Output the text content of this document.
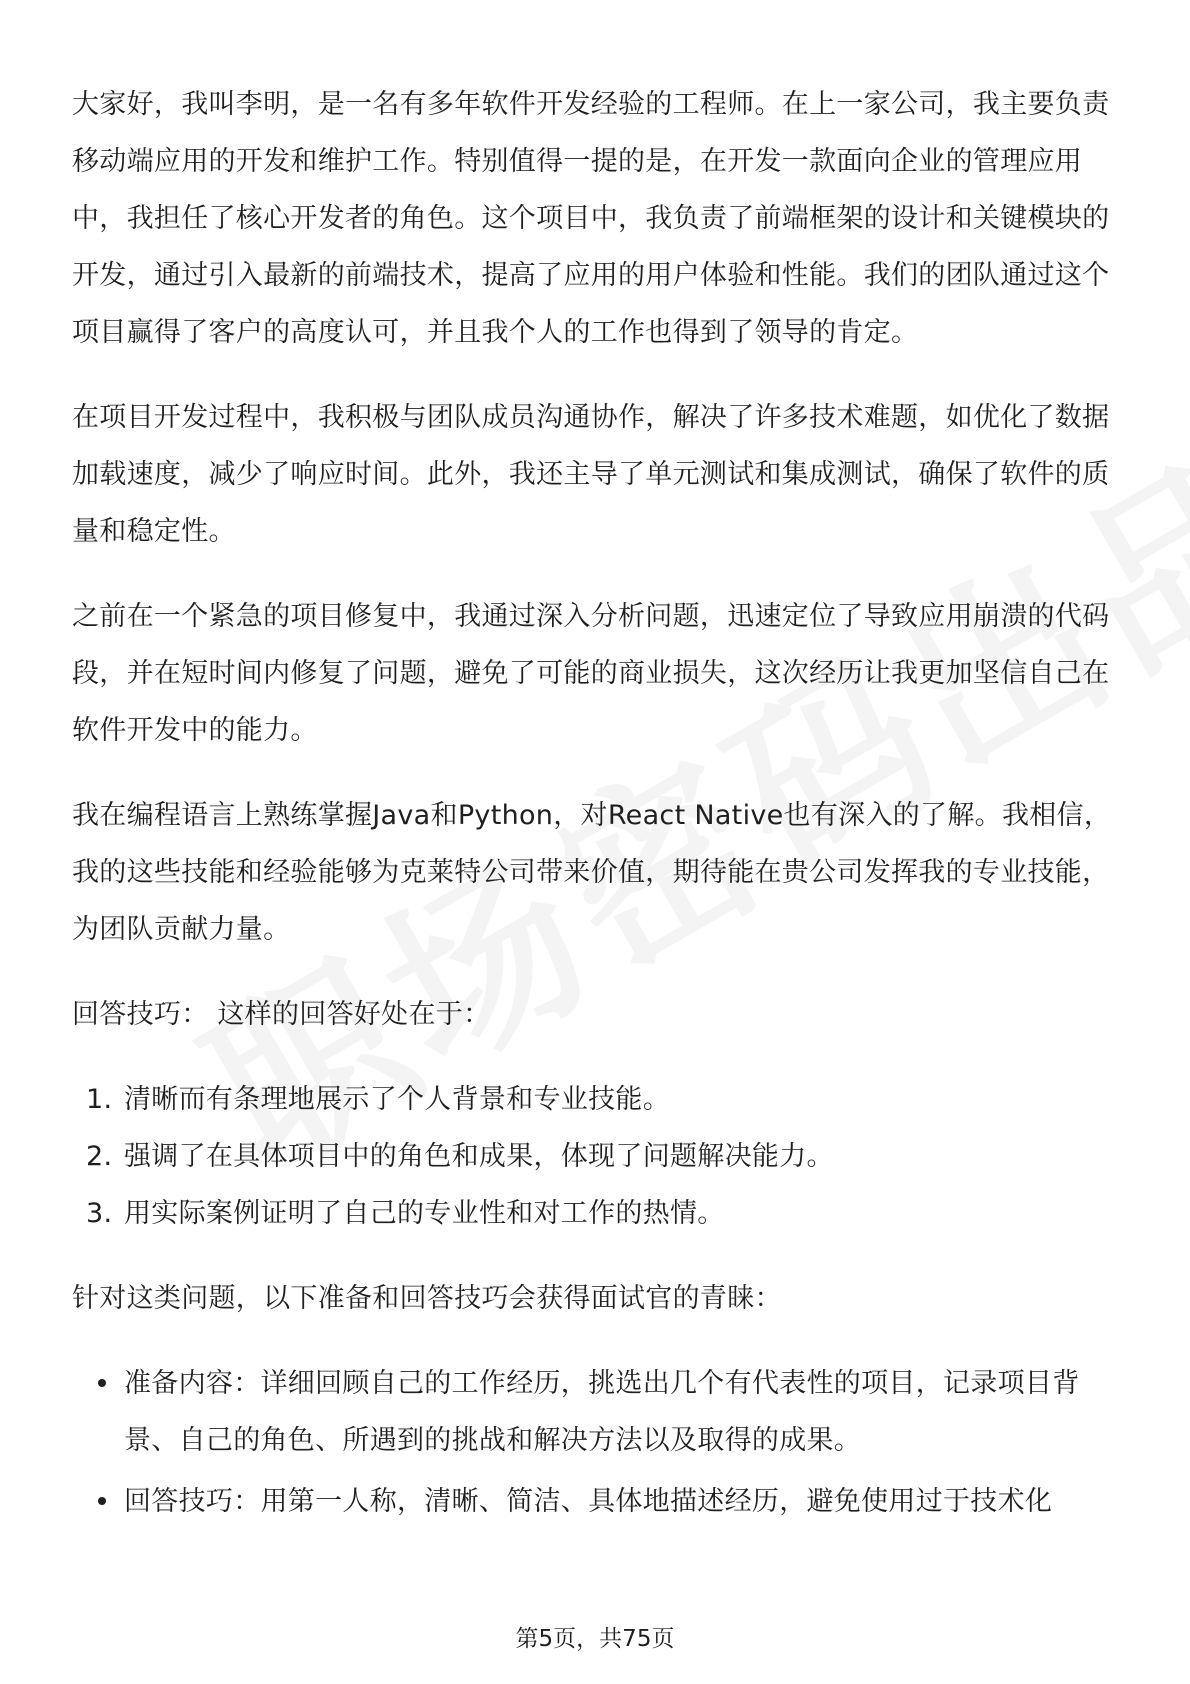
大家好，我叫李明，是一名有多年软件开发经验的工程师。在上一家公司，我主要负责移动端应用的开发和维护工作。特别值得一提的是，在开发一款面向企业的管理应用中，我担任了核心开发者的角色。这个项目中，我负责了前端框架的设计和关键模块的开发，通过引入最新的前端技术，提高了应用的用户体验和性能。我们的团队通过这个项目赢得了客户的高度认可，并且我个人的工作也得到了领导的肯定。

在项目开发过程中，我积极与团队成员沟通协作，解决了许多技术难题，如优化了数据加载速度，减少了响应时间。此外，我还主导了单元测试和集成测试，确保了软件的质量和稳定性。

之前在一个紧急的项目修复中，我通过深入分析问题，迅速定位了导致应用崩溃的代码段，并在短时间内修复了问题，避免了可能的商业损失，这次经历让我更加坚信自己在软件开发中的能力。

我在编程语言上熟练掌握Java和Python，对React Native也有深入的了解。我相信，我的这些技能和经验能够为克莱特公司带来价值，期待能在贵公司发挥我的专业技能，为团队贡献力量。

回答技巧： 这样的回答好处在于：

1. 清晰而有条理地展示了个人背景和专业技能。
2. 强调了在具体项目中的角色和成果，体现了问题解决能力。
3. 用实际案例证明了自己的专业性和对工作的热情。

针对这类问题，以下准备和回答技巧会获得面试官的青睐：

准备内容：详细回顾自己的工作经历，挑选出几个有代表性的项目，记录项目背景、自己的角色、所遇到的挑战和解决方法以及取得的成果。
回答技巧：用第一人称，清晰、简洁、具体地描述经历，避免使用过于技术化
第5页，共75页
